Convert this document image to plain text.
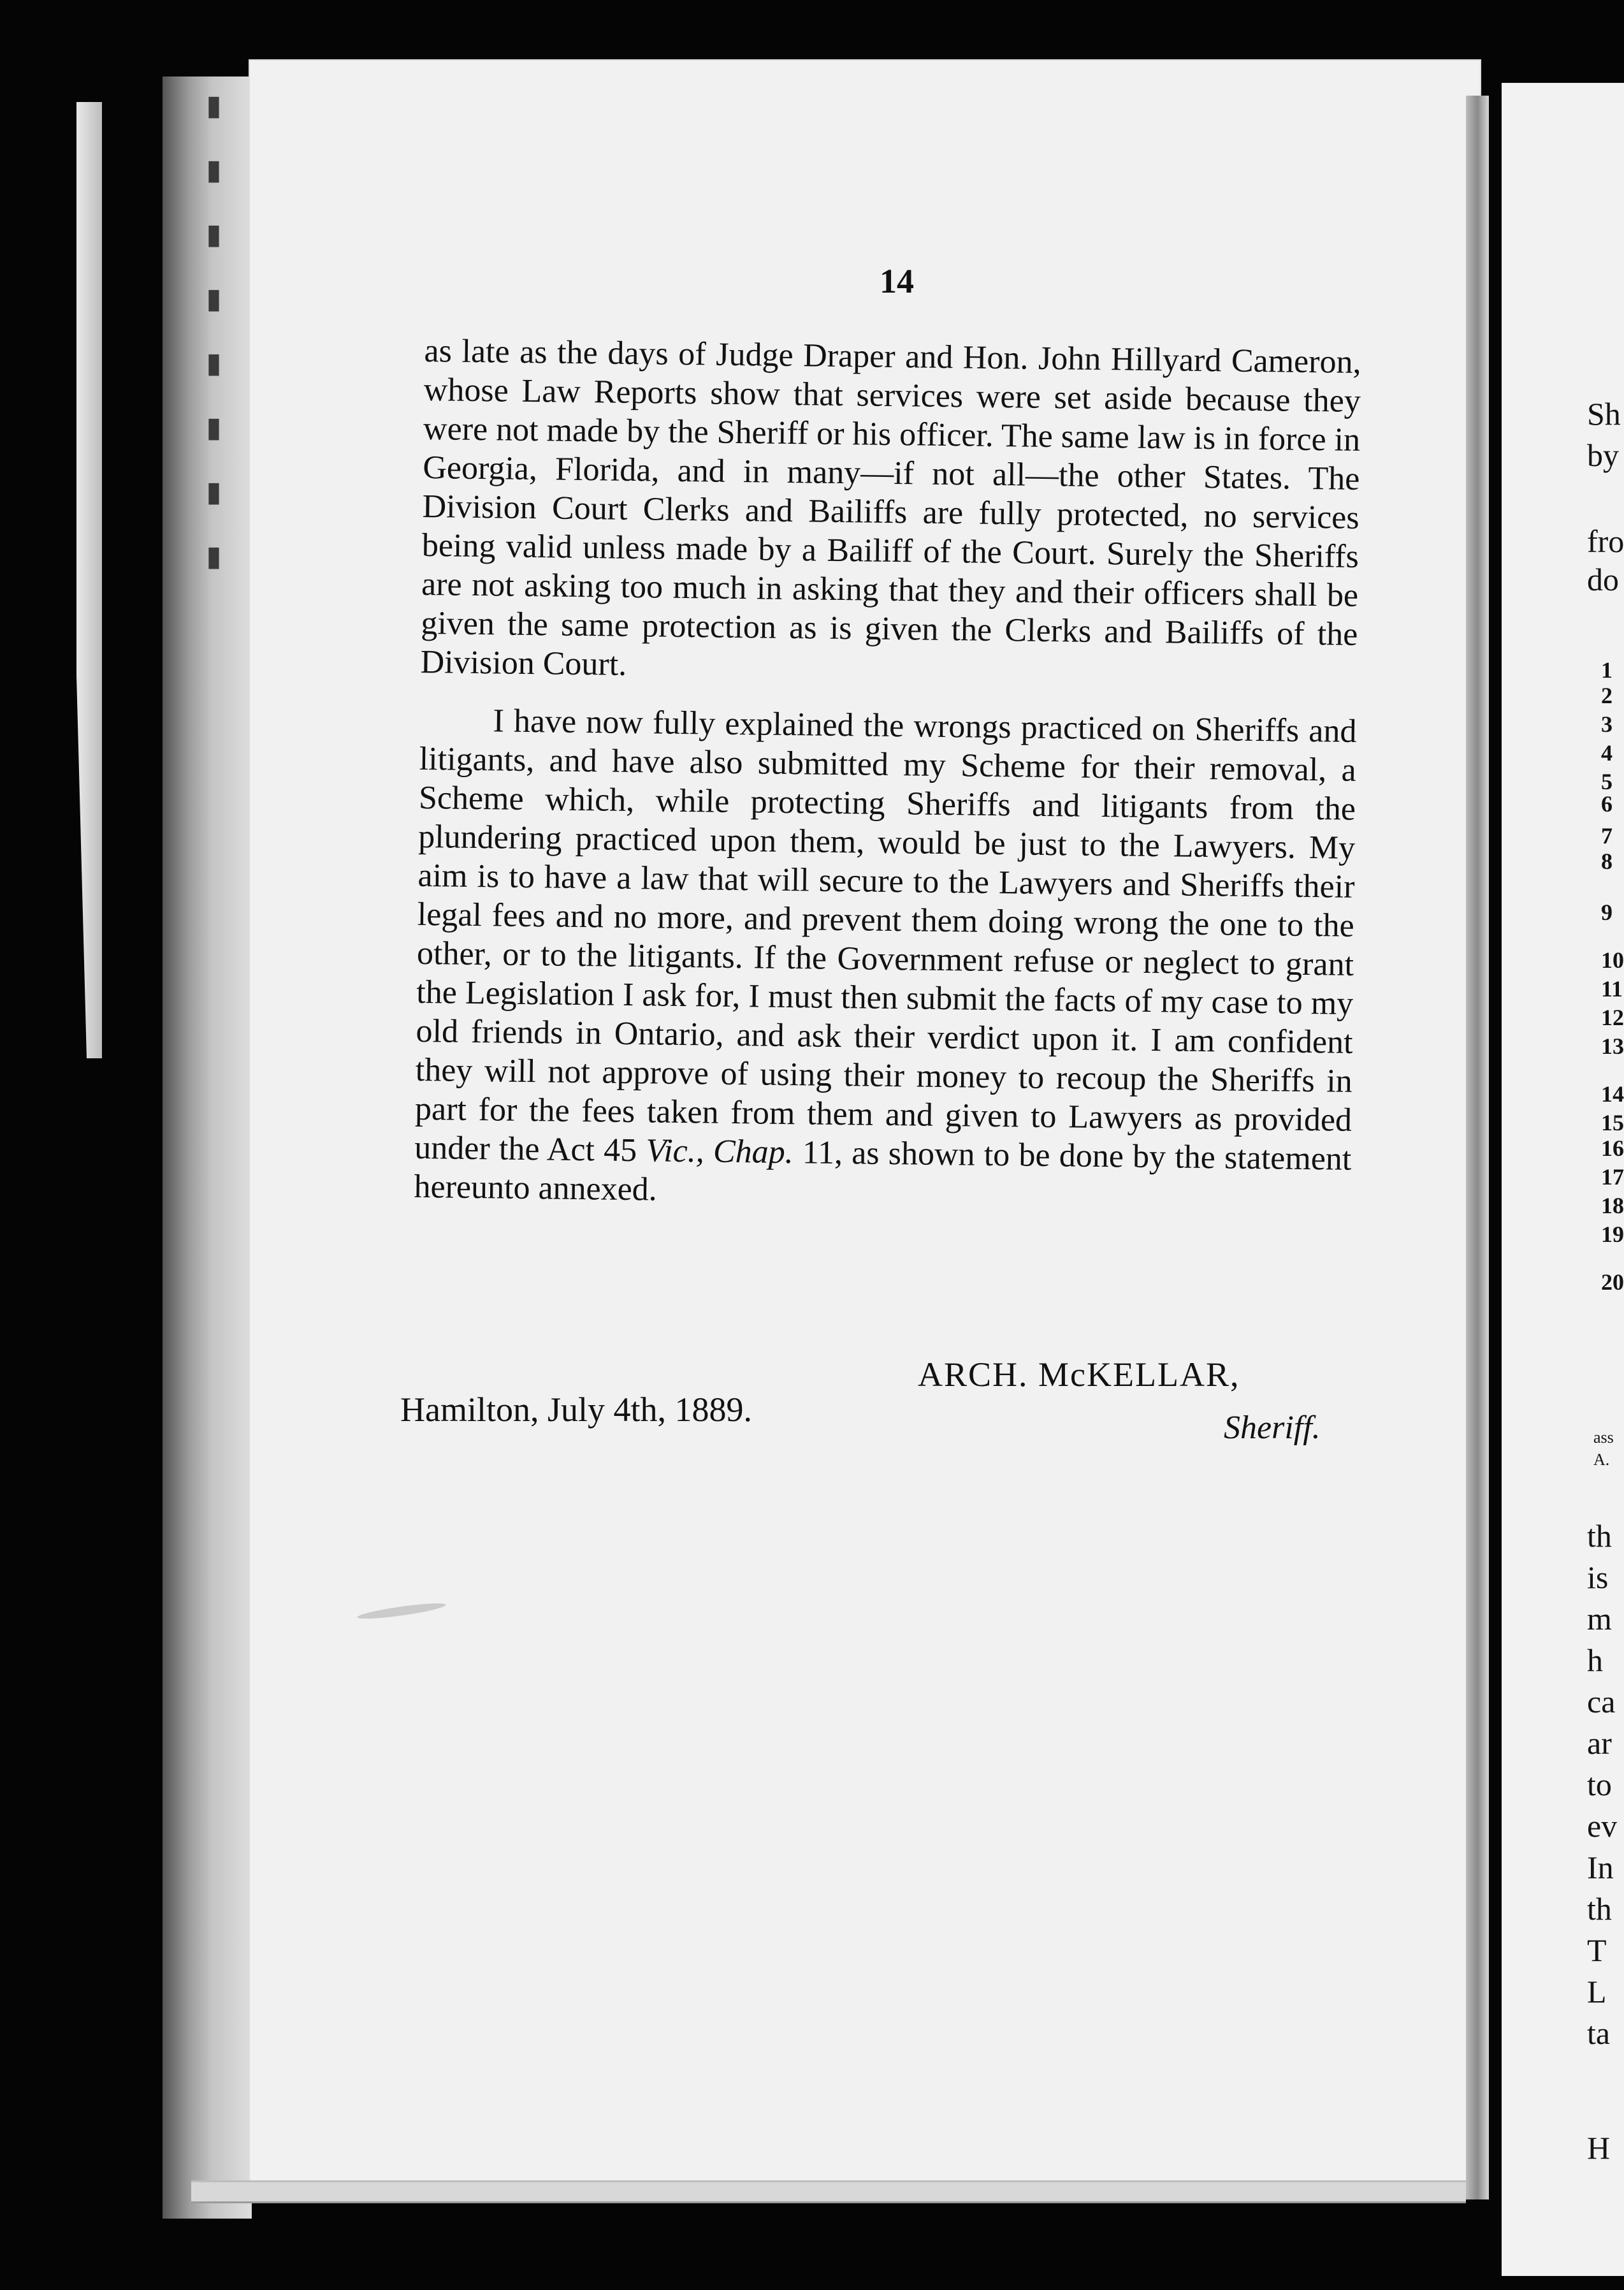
▮ ▮ ▮ ▮ ▮ ▮ ▮ ▮	14

as late as the days of Judge Draper and Hon. John Hillyard Cameron, whose Law Reports show that services were set aside because they were not made by the Sheriff or his officer. The same law is in force in Georgia, Florida, and in many—if not all—the other States. The Division Court Clerks and Bailiffs are fully protected, no services being valid unless made by a Bailiff of the Court. Surely the Sheriffs are not asking too much in asking that they and their officers shall be given the same protection as is given the Clerks and Bailiffs of the Division Court.

I have now fully explained the wrongs practiced on Sheriffs and litigants, and have also submitted my Scheme for their removal, a Scheme which, while protecting Sheriffs and litigants from the plundering practiced upon them, would be just to the Lawyers. My aim is to have a law that will secure to the Lawyers and Sheriffs their legal fees and no more, and prevent them doing wrong the one to the other, or to the litigants. If the Government refuse or neglect to grant the Legislation I ask for, I must then submit the facts of my case to my old friends in Ontario, and ask their verdict upon it. I am confident they will not approve of using their money to recoup the Sheriffs in part for the fees taken from them and given to Lawyers as provided under the Act 45 Vic., Chap. 11, as shown to be done by the statement hereunto annexed.

ARCH. McKELLAR,
Hamilton, July 4th, 1889.	Sheriff.
Sh
by
fro
do
1
2
3
4
5
6
7
8
9
10
11
12
13
14
15
16
17
18
19
20
ass
A.
th
is
m
h
ca
ar
to
ev
In
th
T
L
ta
H
